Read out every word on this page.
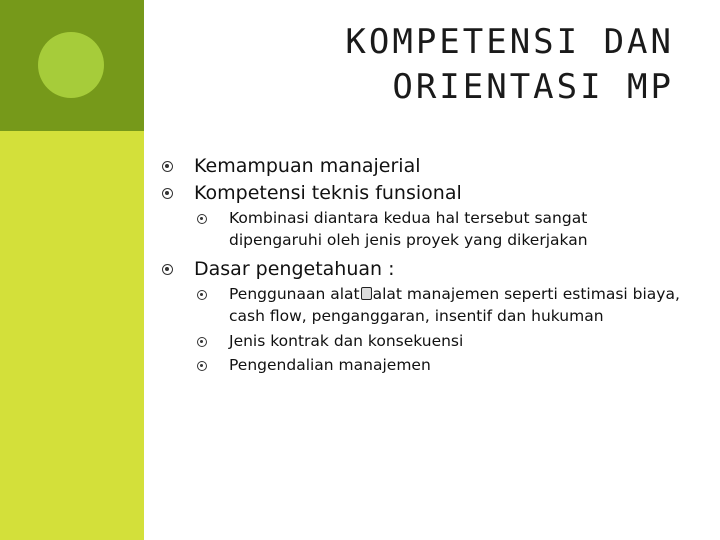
KOMPETENSI DAN
ORIENTASI MP
Kemampuan manajerial
Kompetensi teknis funsional
Kombinasi diantara kedua hal tersebut sangat
dipengaruhi oleh jenis proyek yang dikerjakan
Dasar pengetahuan :
Penggunaan alat alat manajemen seperti estimasi biaya,
cash flow, penganggaran, insentif dan hukuman
Jenis kontrak dan konsekuensi
Pengendalian manajemen
